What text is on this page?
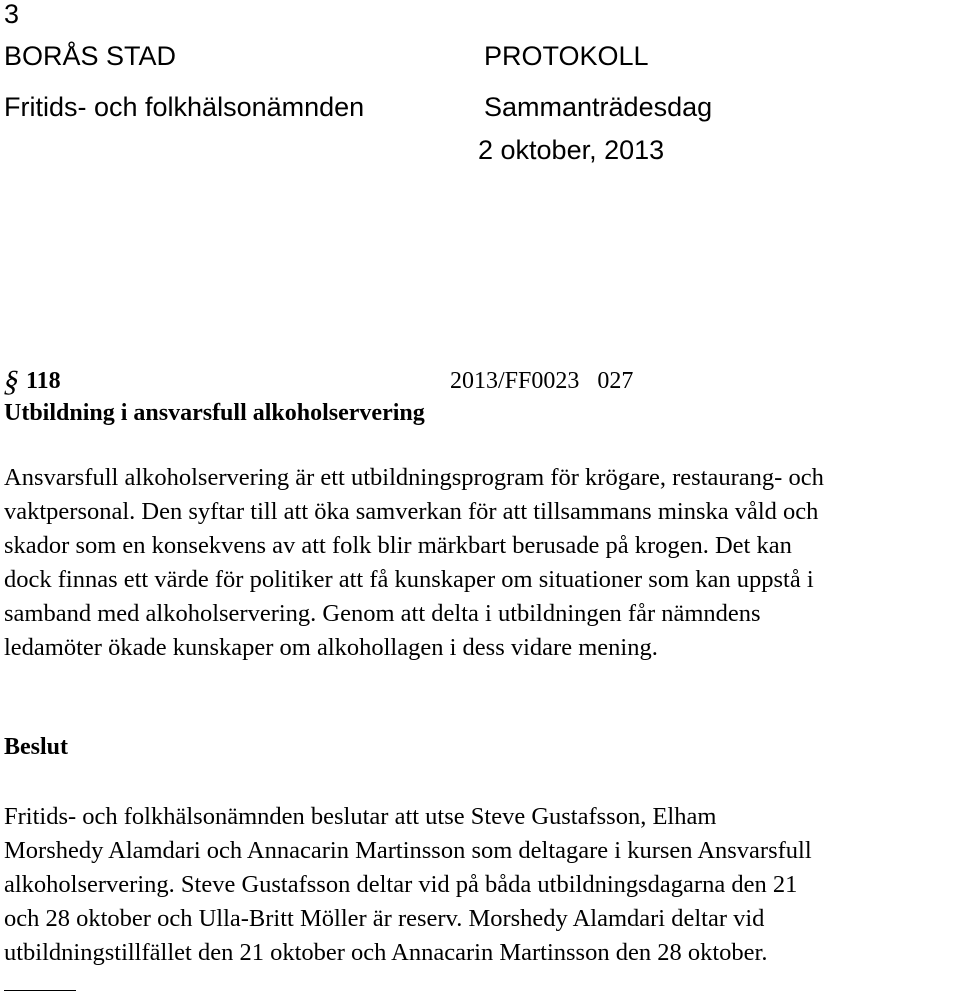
3
BORÅS STAD	PROTOKOLL
Fritids- och folkhälsonämnden	Sammanträdesdag
2 oktober, 2013
§ 118	2013/FF0023   027
Utbildning i ansvarsfull alkoholservering
Ansvarsfull alkoholservering är ett utbildningsprogram för krögare, restaurang- och
vaktpersonal. Den syftar till att öka samverkan för att tillsammans minska våld och
skador som en konsekvens av att folk blir märkbart berusade på krogen. Det kan
dock finnas ett värde för politiker att få kunskaper om situationer som kan uppstå i
samband med alkoholservering. Genom att delta i utbildningen får nämndens
ledamöter ökade kunskaper om alkohollagen i dess vidare mening.
Beslut
Fritids- och folkhälsonämnden beslutar att utse Steve Gustafsson, Elham
Morshedy Alamdari och Annacarin Martinsson som deltagare i kursen Ansvarsfull
alkoholservering. Steve Gustafsson deltar vid på båda utbildningsdagarna den 21
och 28 oktober och Ulla-Britt Möller är reserv. Morshedy Alamdari deltar vid
utbildningstillfället den 21 oktober och Annacarin Martinsson den 28 oktober.
